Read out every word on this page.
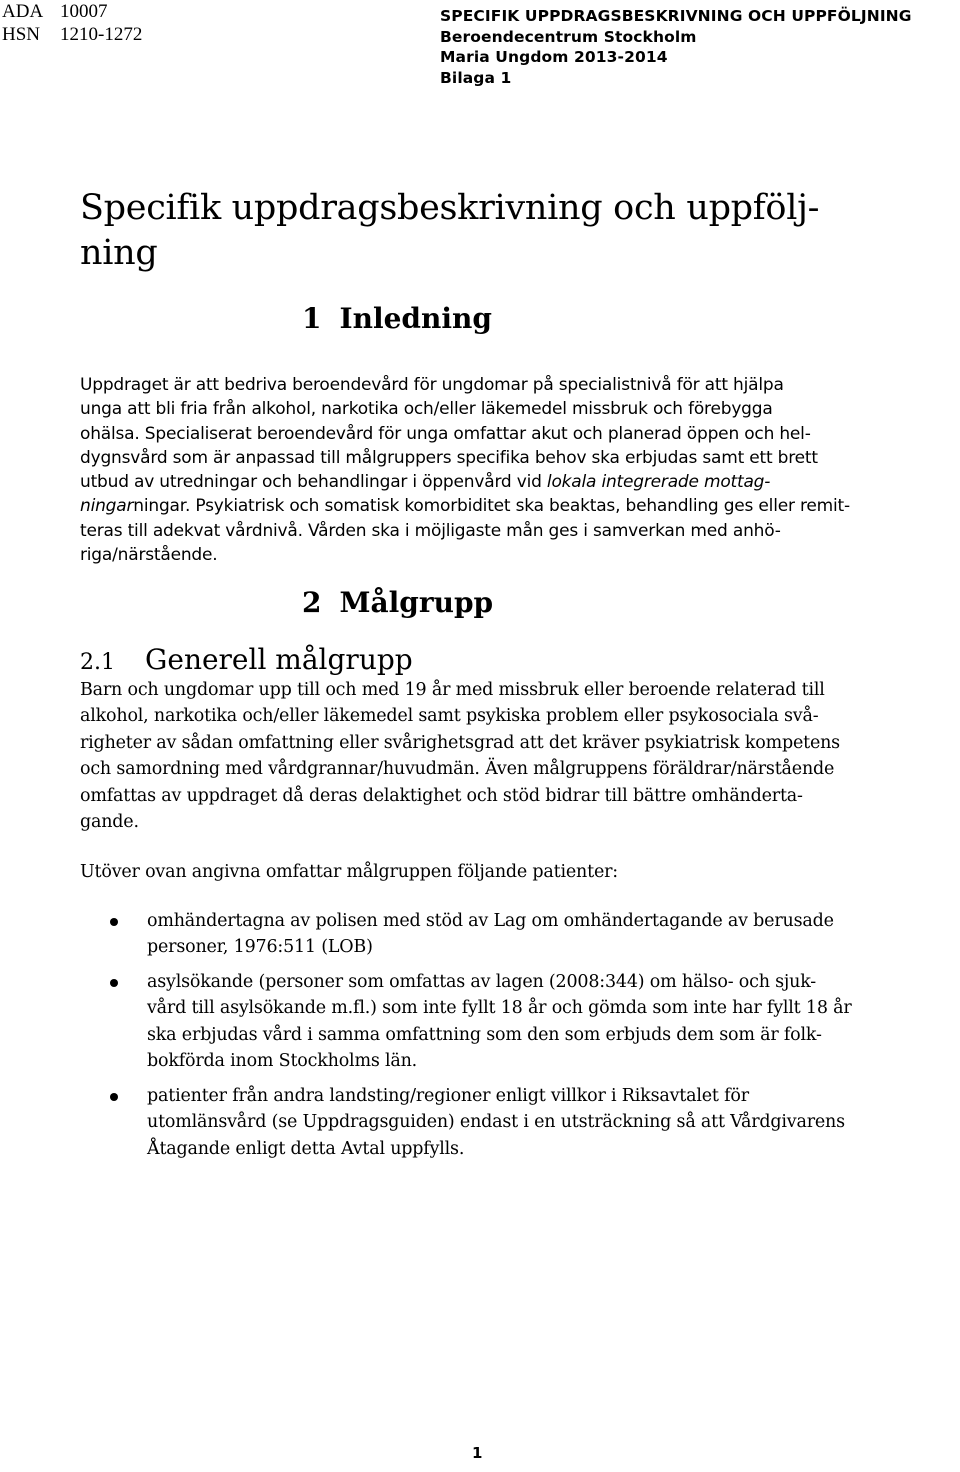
ADA 10007
HSN	1210-1272
SPECIFIK UPPDRAGSBESKRIVNING OCH UPPFÖLJNING
Beroendecentrum Stockholm
Maria Ungdom 2013-2014
Bilaga 1
Specifik uppdragsbeskrivning och uppfölj-
ning
1 Inledning

Uppdraget är att bedriva beroendevård för ungdomar på specialistnivå för att hjälpa
unga att bli fria från alkohol, narkotika och/eller läkemedel missbruk och förebygga
ohälsa. Specialiserat beroendevård för unga omfattar akut och planerad öppen och hel-
dygnsvård som är anpassad till målgruppers specifika behov ska erbjudas samt ett brett
utbud av utredningar och behandlingar i öppenvård vid lokala integrerade mottag-
ningarningar. Psykiatrisk och somatisk komorbiditet ska beaktas, behandling ges eller remit-
teras till adekvat vårdnivå. Vården ska i möjligaste mån ges i samverkan med anhö-
riga/närstående.

2 Målgrupp
2.1 Generell målgrupp

Barn och ungdomar upp till och med 19 år med missbruk eller beroende relaterad till
alkohol, narkotika och/eller läkemedel samt psykiska problem eller psykosociala svå-
righeter av sådan omfattning eller svårighetsgrad att det kräver psykiatrisk kompetens
och samordning med vårdgrannar/huvudmän. Även målgruppens föräldrar/närstående
omfattas av uppdraget då deras delaktighet och stöd bidrar till bättre omhänderta-
gande.

Utöver ovan angivna omfattar målgruppen följande patienter:

omhändertagna av polisen med stöd av Lag om omhändertagande av berusade
personer, 1976:511 (LOB)

asylsökande (personer som omfattas av lagen (2008:344) om hälso- och sjuk-
vård till asylsökande m.fl.) som inte fyllt 18 år och gömda som inte har fyllt 18 år
ska erbjudas vård i samma omfattning som den som erbjuds dem som är folk-
bokförda inom Stockholms län.

patienter från andra landsting/regioner enligt villkor i Riksavtalet för
utomlänsvård (se Uppdragsguiden) endast i en utsträckning så att Vårdgivarens
Åtagande enligt detta Avtal uppfylls.

1
